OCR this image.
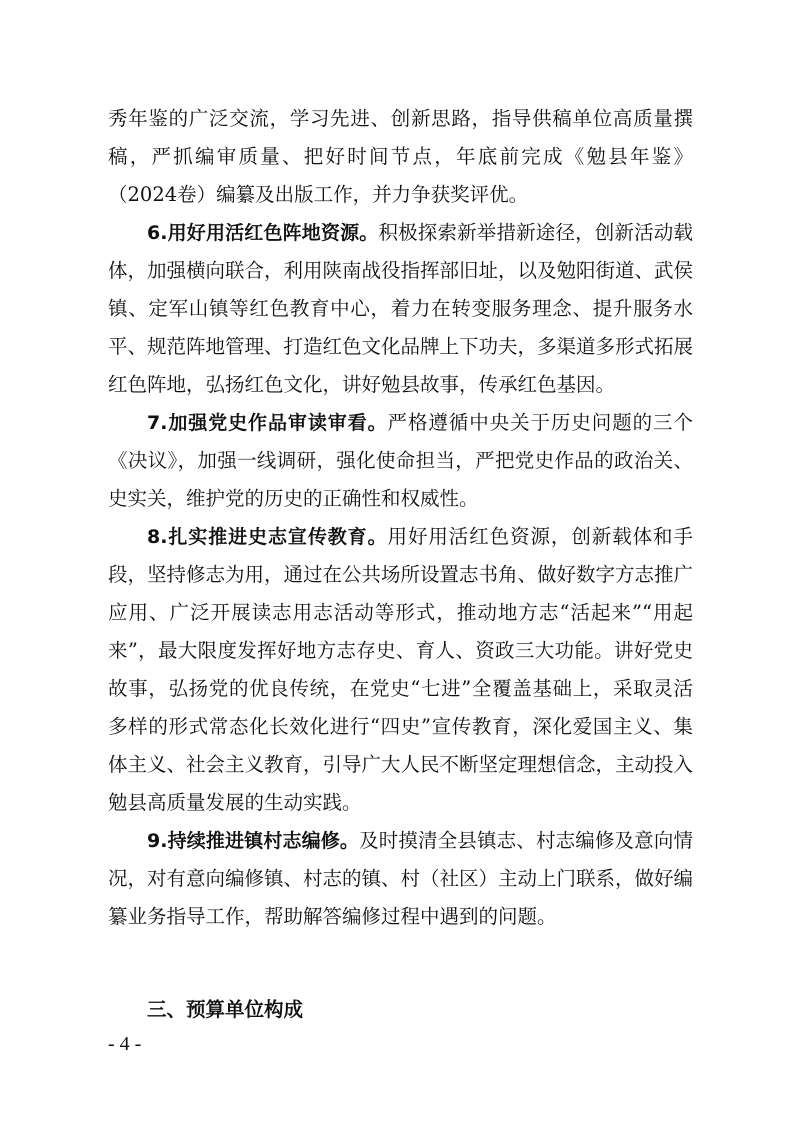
秀年鉴的广泛交流，学习先进、创新思路，指导供稿单位高质量撰稿，严抓编审质量、把好时间节点，年底前完成《勉县年鉴》（2024卷）编纂及出版工作，并力争获奖评优。

6.用好用活红色阵地资源。积极探索新举措新途径，创新活动载体，加强横向联合，利用陕南战役指挥部旧址，以及勉阳街道、武侯镇、定军山镇等红色教育中心，着力在转变服务理念、提升服务水平、规范阵地管理、打造红色文化品牌上下功夫，多渠道多形式拓展红色阵地，弘扬红色文化，讲好勉县故事，传承红色基因。

7.加强党史作品审读审看。严格遵循中央关于历史问题的三个《决议》，加强一线调研，强化使命担当，严把党史作品的政治关、史实关，维护党的历史的正确性和权威性。

8.扎实推进史志宣传教育。用好用活红色资源，创新载体和手段，坚持修志为用，通过在公共场所设置志书角、做好数字方志推广应用、广泛开展读志用志活动等形式，推动地方志“活起来”“用起来”，最大限度发挥好地方志存史、育人、资政三大功能。讲好党史故事，弘扬党的优良传统，在党史“七进”全覆盖基础上，采取灵活多样的形式常态化长效化进行“四史”宣传教育，深化爱国主义、集体主义、社会主义教育，引导广大人民不断坚定理想信念，主动投入勉县高质量发展的生动实践。

9.持续推进镇村志编修。及时摸清全县镇志、村志编修及意向情况，对有意向编修镇、村志的镇、村（社区）主动上门联系，做好编纂业务指导工作，帮助解答编修过程中遇到的问题。

三、预算单位构成
- 4 -
